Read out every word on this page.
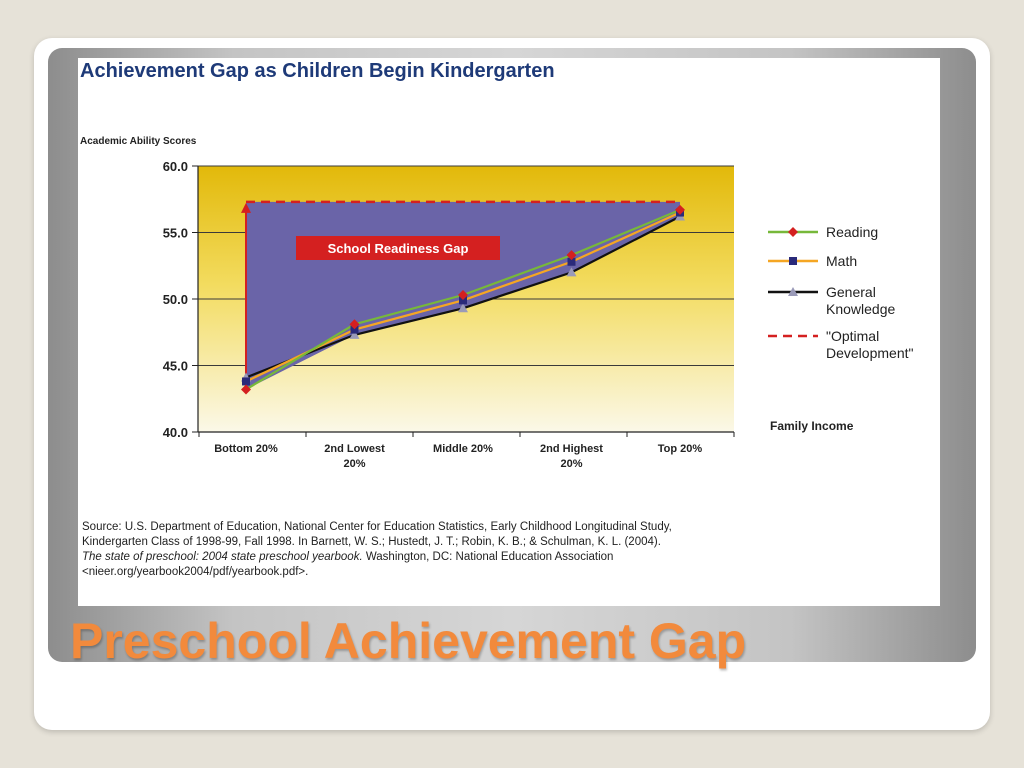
Achievement Gap as Children Begin Kindergarten
Academic Ability Scores
60.0
55.0
50.0
45.0
40.0
Bottom 20%	2nd Lowest 20%
Middle 20%	2nd Highest 20%
Top 20%
Family Income
Reading
Math
General Knowledge
"Optimal Development"
School Readiness Gap

Source: U.S. Department of Education, National Center for Education Statistics, Early Childhood Longitudinal Study,

Kindergarten Class of 1998-99, Fall 1998. In Barnett, W. S.; Hustedt, J. T.; Robin, K. B.; & Schulman, K. L. (2004).

The state of preschool: 2004 state preschool yearbook. Washington, DC: National Education Association

<nieer.org/yearbook2004/pdf/yearbook.pdf>.

Preschool Achievement Gap
